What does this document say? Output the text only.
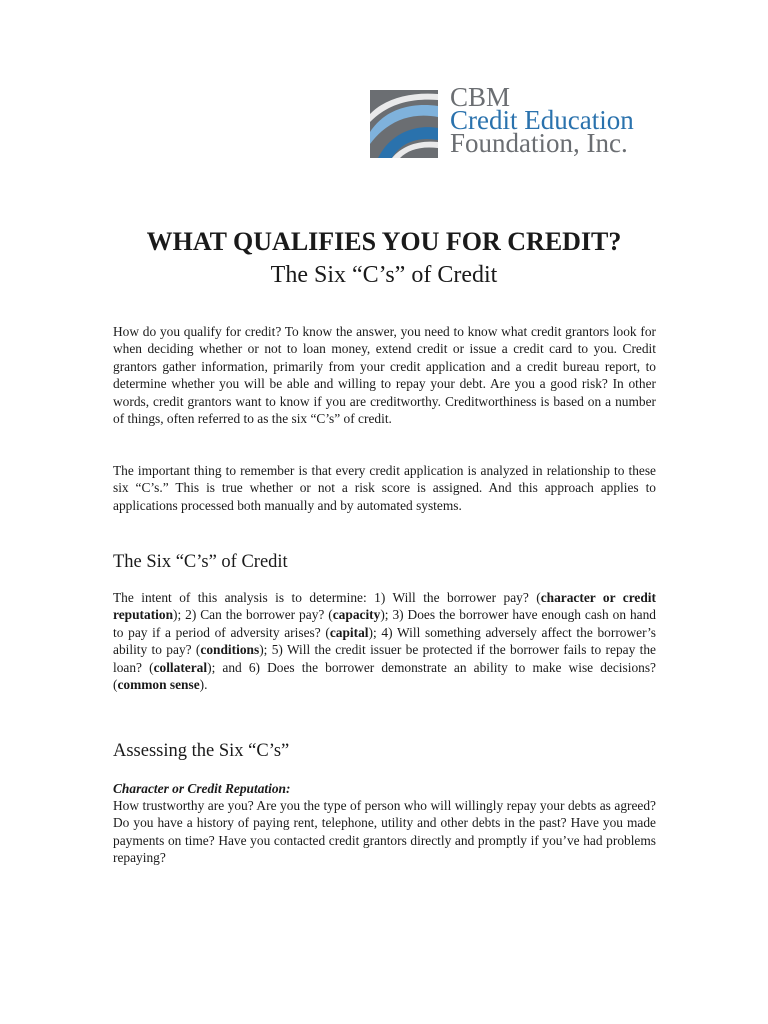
CBM
Credit Education
Foundation, Inc.
WHAT QUALIFIES YOU FOR CREDIT?
The Six “C’s” of Credit

How do you qualify for credit? To know the answer, you need to know what credit grantors look for when deciding whether or not to loan money, extend credit or issue a credit card to you. Credit grantors gather information, primarily from your credit application and a credit bureau report, to determine whether you will be able and willing to repay your debt. Are you a good risk? In other words, credit grantors want to know if you are creditworthy. Creditworthiness is based on a number of things, often referred to as the six “C’s” of credit.

The important thing to remember is that every credit application is analyzed in relationship to these six “C’s.” This is true whether or not a risk score is assigned. And this approach applies to applications processed both manually and by automated systems.

The Six “C’s” of Credit

The intent of this analysis is to determine: 1) Will the borrower pay? (character or credit reputation); 2) Can the borrower pay? (capacity); 3) Does the borrower have enough cash on hand to pay if a period of adversity arises? (capital); 4) Will something adversely affect the borrower’s ability to pay? (conditions); 5) Will the credit issuer be protected if the borrower fails to repay the loan? (collateral); and 6) Does the borrower demonstrate an ability to make wise decisions? (common sense).

Assessing the Six “C’s”
Character or Credit Reputation:

How trustworthy are you? Are you the type of person who will willingly repay your debts as agreed? Do you have a history of paying rent, telephone, utility and other debts in the past? Have you made payments on time? Have you contacted credit grantors directly and promptly if you’ve had problems repaying?
